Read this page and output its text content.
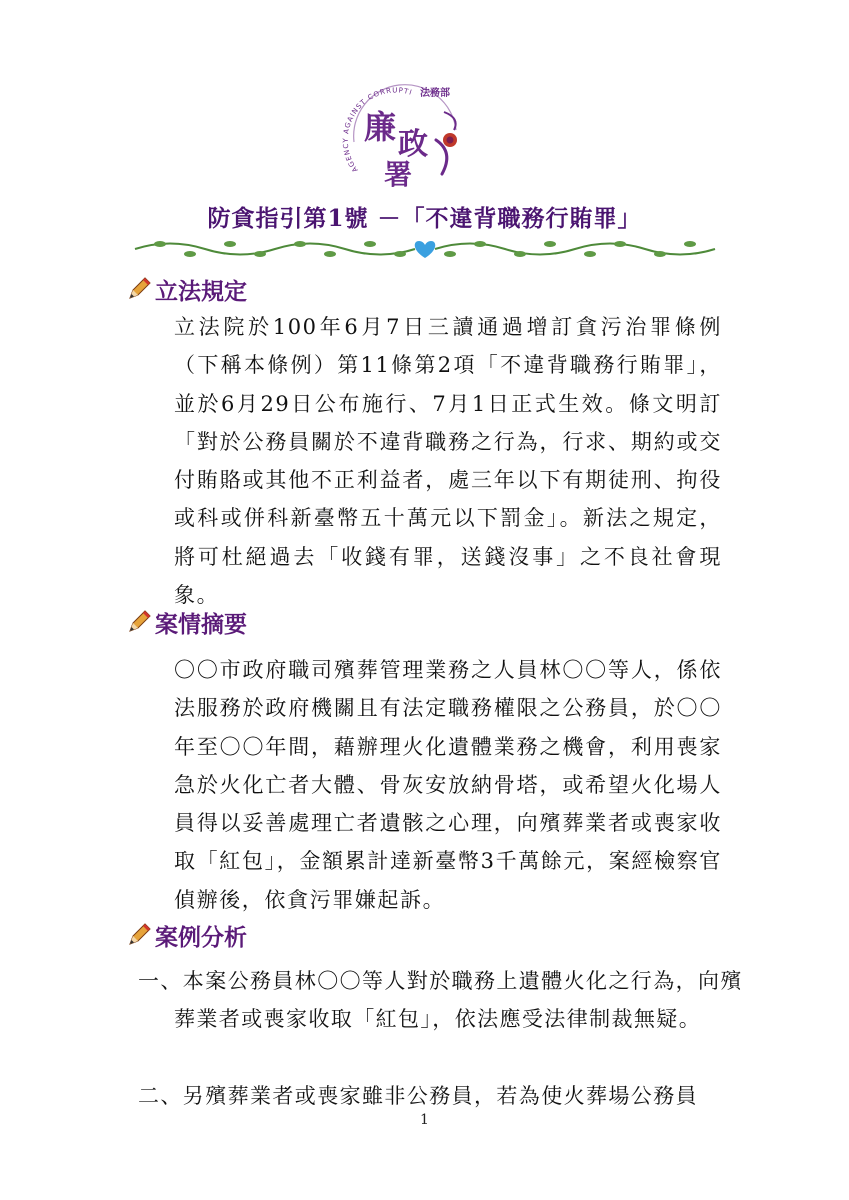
AGENCY AGAINST CORRUPTI 法務部
廉 政
署
防貪指引第1號 －「不違背職務行賄罪」
立法規定
立法院於100年6月7日三讀通過增訂貪污治罪條例（下稱本條例）第11條第2項「不違背職務行賄罪」，並於6月29日公布施行、7月1日正式生效。條文明訂「對於公務員關於不違背職務之行為，行求、期約或交付賄賂或其他不正利益者，處三年以下有期徒刑、拘役或科或併科新臺幣五十萬元以下罰金」。新法之規定，將可杜絕過去「收錢有罪，送錢沒事」之不良社會現象。
案情摘要
〇〇市政府職司殯葬管理業務之人員林〇〇等人，係依法服務於政府機關且有法定職務權限之公務員，於〇〇年至〇〇年間，藉辦理火化遺體業務之機會，利用喪家急於火化亡者大體、骨灰安放納骨塔，或希望火化場人員得以妥善處理亡者遺骸之心理，向殯葬業者或喪家收取「紅包」，金額累計達新臺幣3千萬餘元，案經檢察官偵辦後，依貪污罪嫌起訴。
案例分析
一、本案公務員林〇〇等人對於職務上遺體火化之行為，向殯葬業者或喪家收取「紅包」，依法應受法律制裁無疑。
二、另殯葬業者或喪家雖非公務員，若為使火葬場公務員
1
